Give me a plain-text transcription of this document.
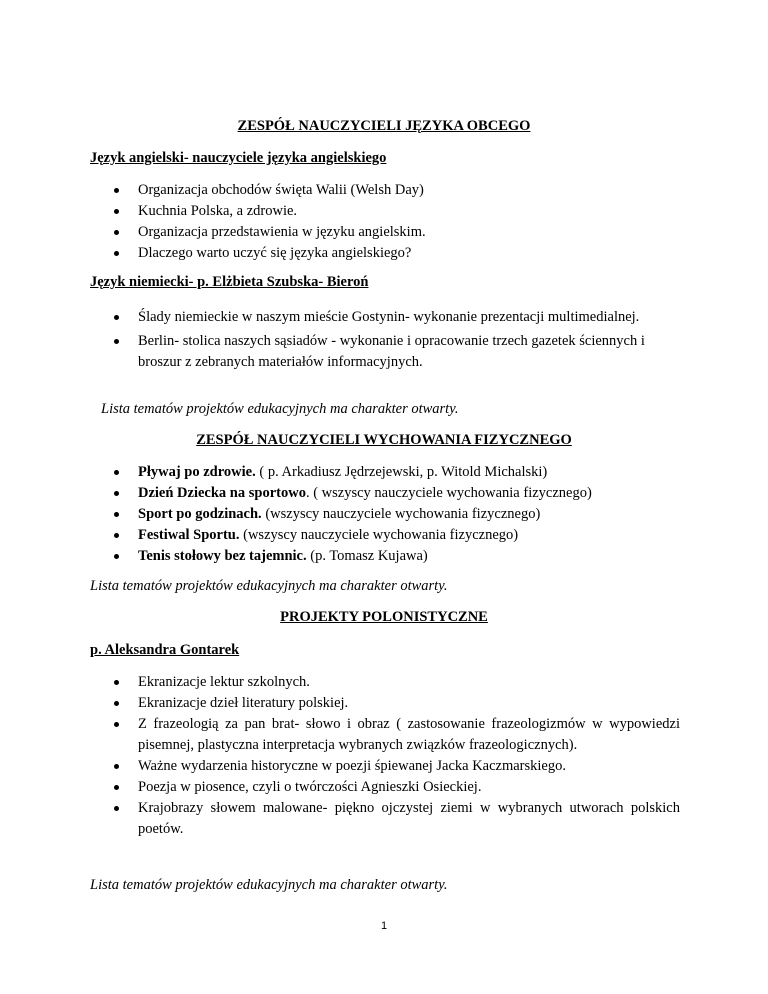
ZESPÓŁ NAUCZYCIELI JĘZYKA OBCEGO
Język angielski- nauczyciele języka angielskiego
Organizacja obchodów święta Walii (Welsh Day)
Kuchnia Polska, a zdrowie.
Organizacja przedstawienia w języku angielskim.
Dlaczego warto uczyć się języka angielskiego?
Język niemiecki- p. Elżbieta Szubska- Bieroń
Ślady niemieckie w naszym mieście Gostynin- wykonanie prezentacji multimedialnej.
Berlin- stolica naszych sąsiadów - wykonanie i opracowanie trzech gazetek ściennych i broszur z zebranych materiałów informacyjnych.
Lista tematów projektów edukacyjnych ma charakter otwarty.
ZESPÓŁ NAUCZYCIELI WYCHOWANIA FIZYCZNEGO
Pływaj po zdrowie. ( p. Arkadiusz Jędrzejewski, p. Witold Michalski)
Dzień Dziecka na sportowo. ( wszyscy nauczyciele wychowania fizycznego)
Sport po godzinach. (wszyscy nauczyciele wychowania fizycznego)
Festiwal Sportu. (wszyscy nauczyciele wychowania fizycznego)
Tenis stołowy bez tajemnic. (p. Tomasz Kujawa)
Lista tematów projektów edukacyjnych ma charakter otwarty.
PROJEKTY POLONISTYCZNE
p. Aleksandra Gontarek
Ekranizacje lektur szkolnych.
Ekranizacje dzieł literatury polskiej.
Z frazeologią za pan brat- słowo i obraz ( zastosowanie frazeologizmów w wypowiedzi pisemnej, plastyczna interpretacja wybranych związków frazeologicznych).
Ważne wydarzenia historyczne w poezji śpiewanej Jacka Kaczmarskiego.
Poezja w piosence, czyli o twórczości Agnieszki Osieckiej.
Krajobrazy słowem malowane- piękno ojczystej ziemi w wybranych utworach polskich poetów.
Lista tematów projektów edukacyjnych ma charakter otwarty.
1
